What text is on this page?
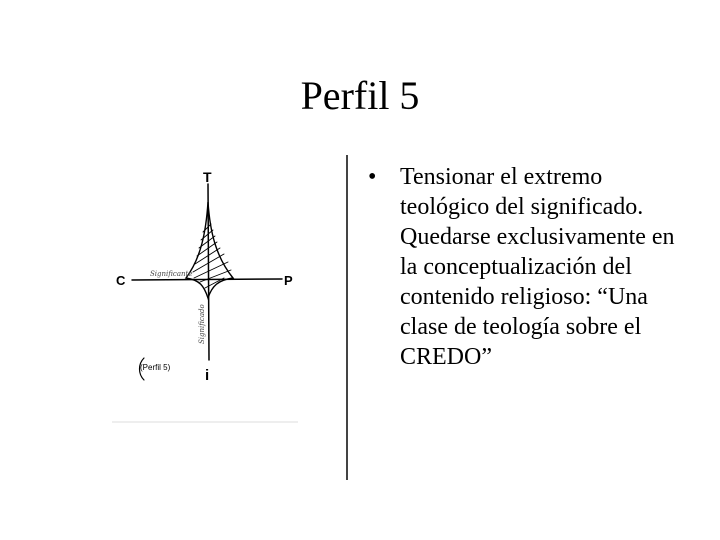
Perfil 5
T
C	P
i
(Perfil 5)
Significante
Significado
• Tensionar el extremo teológico del significado. Quedarse exclusivamente en la conceptualización del contenido religioso: “Una clase de teología sobre el CREDO”
